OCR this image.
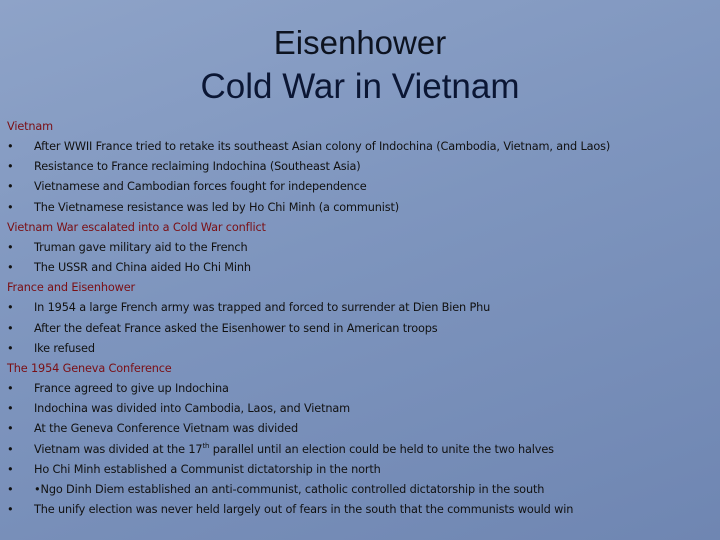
Eisenhower
Cold War in Vietnam
Vietnam
• After WWII France tried to retake its southeast Asian colony of Indochina (Cambodia, Vietnam, and Laos)
• Resistance to France reclaiming Indochina (Southeast Asia)
• Vietnamese and Cambodian forces fought for independence
• The Vietnamese resistance was led by Ho Chi Minh (a communist)
Vietnam War escalated into a Cold War conflict
• Truman gave military aid to the French
• The USSR and China aided Ho Chi Minh
France and Eisenhower
• In 1954 a large French army was trapped and forced to surrender at Dien Bien Phu
• After the defeat France asked the Eisenhower to send in American troops
• Ike refused
The 1954 Geneva Conference
• France agreed to give up Indochina
• Indochina was divided into Cambodia, Laos, and Vietnam
• At the Geneva Conference Vietnam was divided
• Vietnam was divided at the 17th parallel until an election could be held to unite the two halves
• Ho Chi Minh established a Communist dictatorship in the north
• •Ngo Dinh Diem established an anti-communist, catholic controlled dictatorship in the south
• The unify election was never held largely out of fears in the south that the communists would win
